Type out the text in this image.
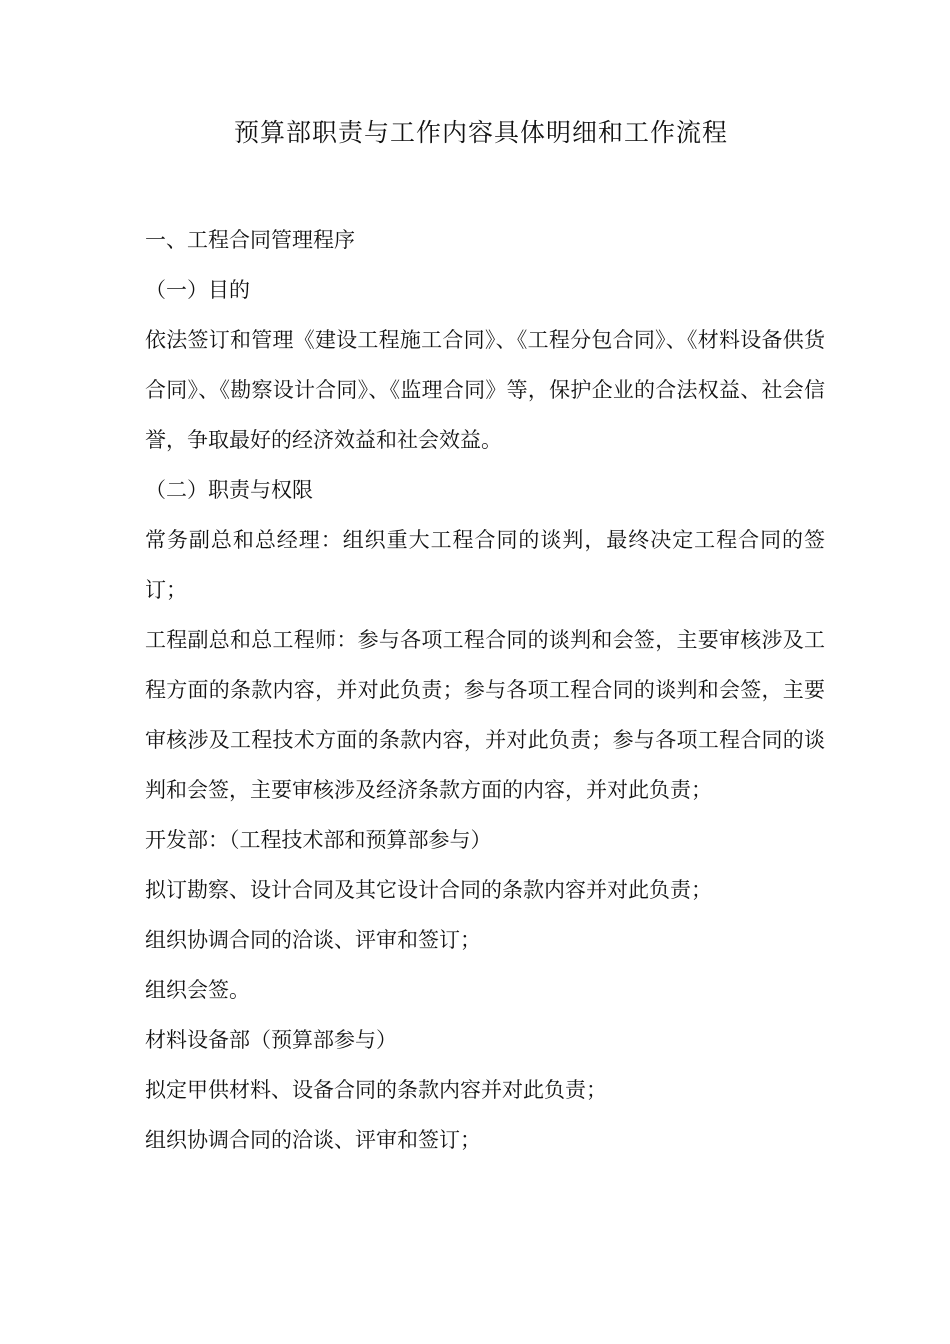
预算部职责与工作内容具体明细和工作流程

一、工程合同管理程序

（一）目的

依法签订和管理《建设工程施工合同》、《工程分包合同》、《材料设备供货合同》、《勘察设计合同》、《监理合同》等，保护企业的合法权益、社会信誉，争取最好的经济效益和社会效益。

（二）职责与权限

常务副总和总经理：组织重大工程合同的谈判，最终决定工程合同的签订；

工程副总和总工程师：参与各项工程合同的谈判和会签，主要审核涉及工程方面的条款内容，并对此负责；参与各项工程合同的谈判和会签，主要审核涉及工程技术方面的条款内容，并对此负责；参与各项工程合同的谈判和会签，主要审核涉及经济条款方面的内容，并对此负责；

开发部：（工程技术部和预算部参与）

拟订勘察、设计合同及其它设计合同的条款内容并对此负责；

组织协调合同的洽谈、评审和签订；

组织会签。

材料设备部（预算部参与）

拟定甲供材料、设备合同的条款内容并对此负责；

组织协调合同的洽谈、评审和签订；
